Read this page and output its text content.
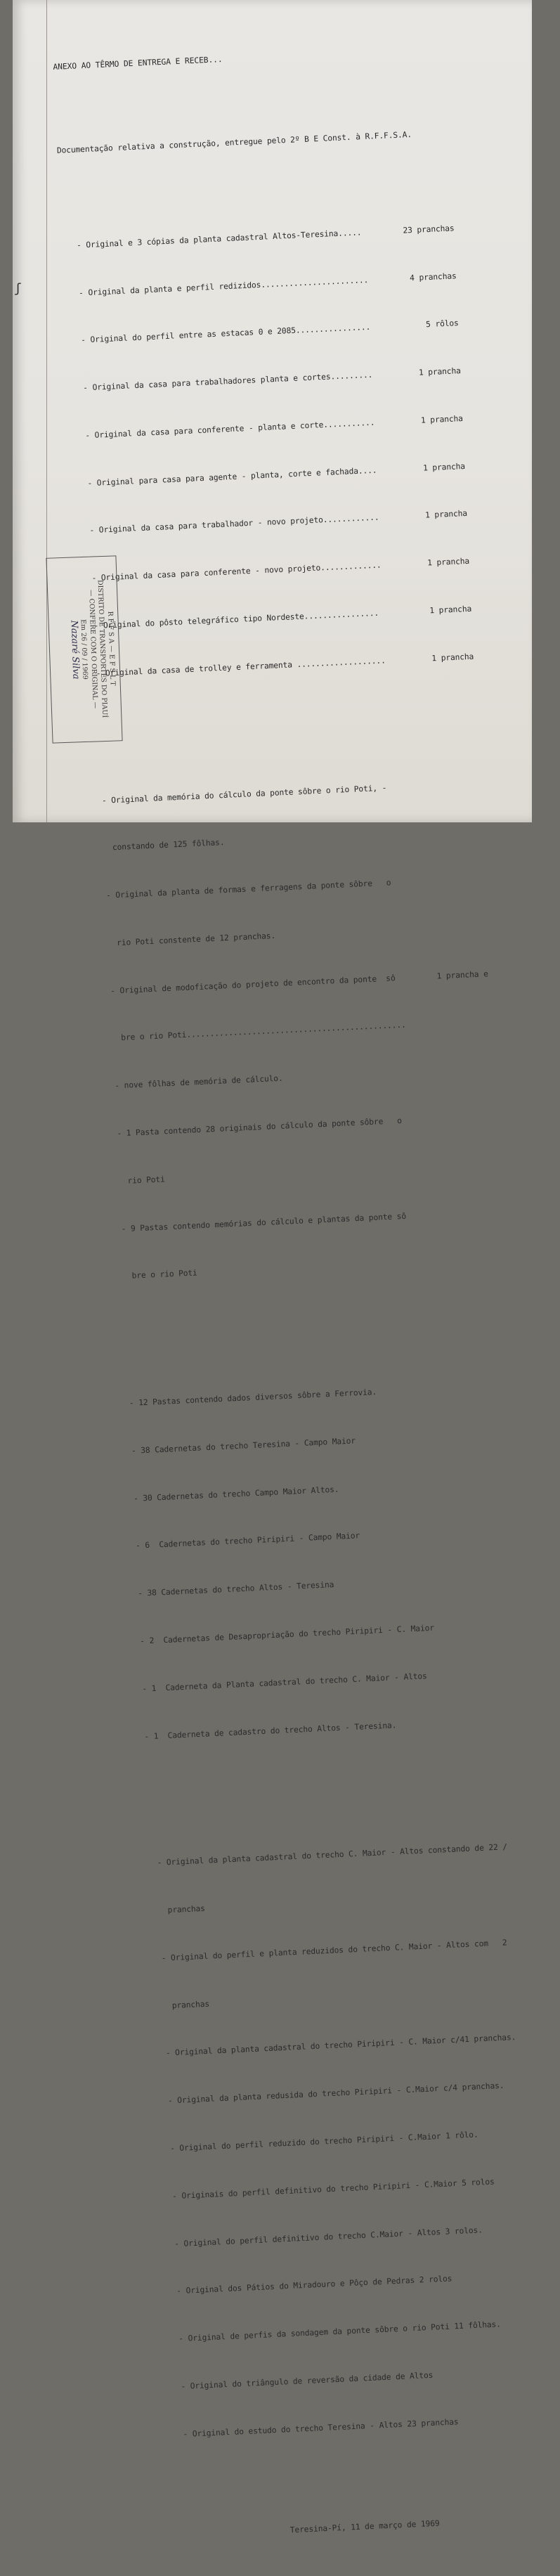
ʃ

ANEXO AO TÊRMO DE ENTREGA E RECEB...

Documentação relativa a construção, entregue pelo 2º B E Const. à R.F.F.S.A.

- Original e 3 cópias da planta cadastral Altos-Teresina.....	23 pranchas

- Original da planta e perfil redizidos.......................	4 pranchas

- Original do perfil entre as estacas 0 e 2085................	5 rôlos

- Original da casa para trabalhadores planta e cortes.........	1 prancha

- Original da casa para conferente - planta e corte...........	1 prancha

- Original para casa para agente - planta, corte e fachada....	1 prancha

- Original da casa para trabalhador - novo projeto............	1 prancha

- Original da casa para conferente - novo projeto.............	1 prancha

- Original do pôsto telegráfico tipo Nordeste................	1 prancha

- Original da casa de trolley e ferramenta ...................	1 prancha

- Original da memória do cálculo da ponte sôbre o rio Poti, -

constando de 125 fôlhas.

- Original da planta de formas e ferragens da ponte sôbre   o

rio Poti constente de 12 pranchas.

- Original de modoficação do projeto de encontro da ponte  sô	1 prancha e

bre o rio Poti...............................................

- nove fôlhas de memória de cálculo.

- 1 Pasta contendo 28 originais do cálculo da ponte sôbre   o

rio Poti

- 9 Pastas contendo memórias do cálculo e plantas da ponte sô

bre o rio Poti

- 12 Pastas contendo dados diversos sôbre a Ferrovia.

- 38 Cadernetas do trecho Teresina - Campo Maior

- 30 Cadernetas do trecho Campo Maior Altos.

- 6  Cadernetas do trecho Piripiri - Campo Maior

- 38 Cadernetas do trecho Altos - Teresina

- 2  Cadernetas de Desapropriação do trecho Piripiri - C. Maior

- 1  Caderneta da Planta cadastral do trecho C. Maior - Altos

- 1  Caderneta de cadastro do trecho Altos - Teresina.

- Original da planta cadastral do trecho C. Maior - Altos constando de 22 /

pranchas

- Original do perfil e planta reduzidos do trecho C. Maior - Altos com   2

pranchas

- Original da planta cadastral do trecho Piripiri - C. Maior c/41 pranchas.

- Original da planta redusida do trecho Piripiri - C.Maior c/4 pranchas.

- Original do perfil reduzido do trecho Piripiri - C.Maior 1 rôlo.

- Originais do perfil definitivo do trecho Piripiri - C.Maior 5 rolos

- Original do perfil definitivo do trecho C.Maior - Altos 3 rolos.

- Original dos Pátios do Miradouro e Pôço de Pedras 2 rolos

- Original de perfis da sondagem da ponte sôbre o rio Poti 11 fôlhas.

- Original do triângulo de reversão da cidade de Altos

- Original do estudo do trecho Teresina - Altos 23 pranchas

Teresina-Pí, 11 de março de 1969

R F F S A — E F S L T
DISTRITO DE TRANSPORTES DO PIAUÍ
— CONFERE COM O ORIGINAL —
Em 26 / 09 / 1969
Nazaré Silva
